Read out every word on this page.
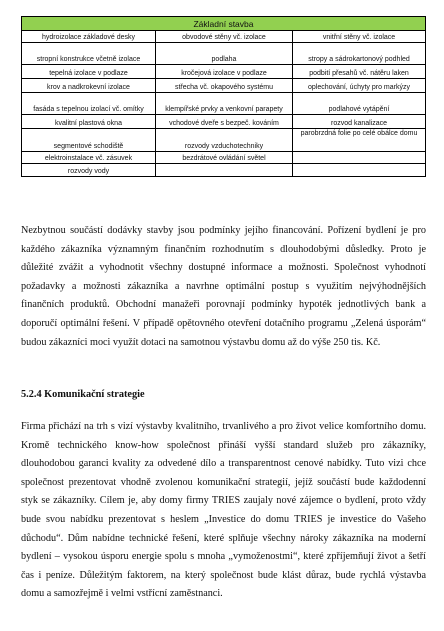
Základní stavba		
hydroizolace základové desky	obvodové stěny vč. izolace	vnitřní stěny vč. izolace
stropní konstrukce včetně izolace	podlaha	stropy a sádrokartonový podhled
tepelná izolace v podlaze	kročejová izolace v podlaze	podbití přesahů vč. nátěru laken
krov a nadkrokevní izolace	střecha vč. okapového systému	oplechování, úchyty pro markýzy
fasáda s tepelnou izolací vč. omítky	klempířské prvky a venkovní parapety	podlahové vytápění
kvalitní plastová okna	vchodové dveře s bezpeč. kováním	rozvod kanalizace
segmentové schodiště	rozvody vzduchotechniky	parobrzdná folie po celé obálce domu
elektroinstalace vč. zásuvek	bezdrátové ovládání světel	
rozvody vody		

Nezbytnou součástí dodávky stavby jsou podmínky jejího financování. Pořízení bydlení je pro každého zákazníka významným finančním rozhodnutím s dlouhodobými důsledky. Proto je důležité zvážit a vyhodnotit všechny dostupné informace a možnosti. Společnost vyhodnotí požadavky a možnosti zákazníka a navrhne optimální postup s využitím nejvýhodnějších finančních produktů. Obchodní manažeři porovnají podmínky hypoték jednotlivých bank a doporučí optimální řešení. V případě opětovného otevření dotačního programu „Zelená úsporám“ budou zákazníci moci využít dotaci na samotnou výstavbu domu až do výše 250 tis. Kč.

5.2.4 Komunikační strategie

Firma přichází na trh s vizí výstavby kvalitního, trvanlivého a pro život velice komfortního domu. Kromě technického know-how společnost přináší vyšší standard služeb pro zákazníky, dlouhodobou garanci kvality za odvedené dílo a transparentnost cenové nabídky. Tuto vizi chce společnost prezentovat vhodně zvolenou komunikační strategií, jejíž součástí bude každodenní styk se zákazníky. Cílem je, aby domy firmy TRIES zaujaly nové zájemce o bydlení, proto vždy bude svou nabídku prezentovat s heslem „Investice do domu TRIES je investice do Vašeho důchodu“. Dům nabídne technické řešení, které splňuje všechny nároky zákazníka na moderní bydlení – vysokou úsporu energie spolu s mnoha „vymoženostmi“, které zpříjemňují život a šetří čas i peníze. Důležitým faktorem, na který společnost bude klást důraz, bude rychlá výstavba domu a samozřejmě i velmi vstřícní zaměstnanci.
